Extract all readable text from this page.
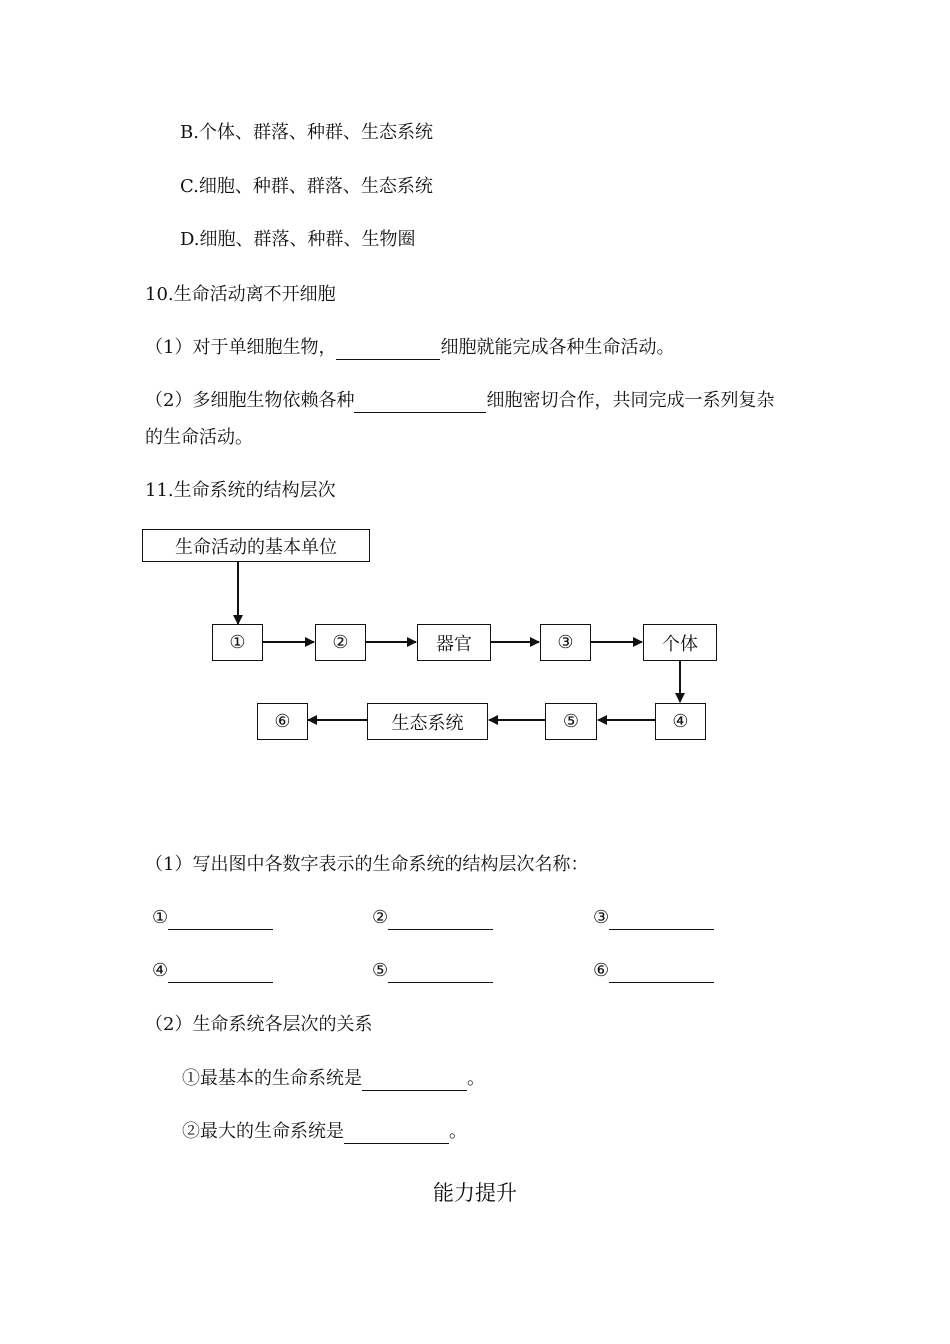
B.个体、群落、种群、生态系统
C.细胞、种群、群落、生态系统
D.细胞、群落、种群、生物圈
10.生命活动离不开细胞
（1）对于单细胞生物，	细胞就能完成各种生命活动。
（2）多细胞生物依赖各种	细胞密切合作，共同完成一系列复杂
的生命活动。
11.生命系统的结构层次
生命活动的基本单位
①	②	器官	③	个体
⑥	生态系统	⑤	④
（1）写出图中各数字表示的生命系统的结构层次名称：
①	②	③
④	⑤	⑥
（2）生命系统各层次的关系
①最基本的生命系统是	。
②最大的生命系统是	。
能力提升
